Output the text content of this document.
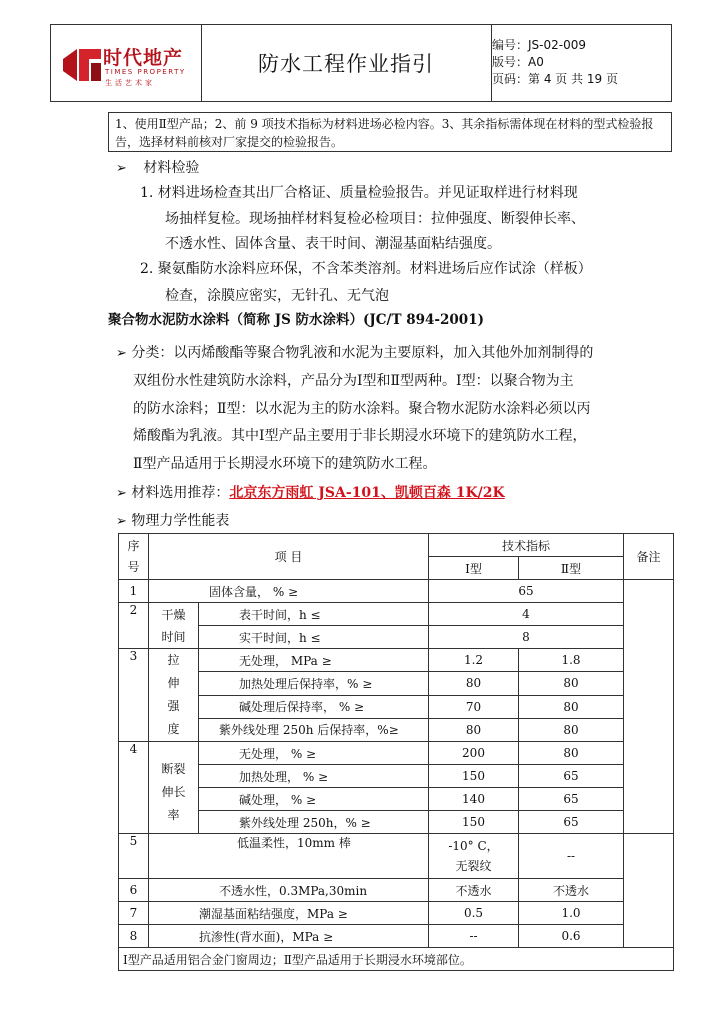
时代地产
TIMES PROPERTY
生活艺术家
防水工程作业指引
编号：JS-02-009
版号：A0
页码：第 4 页 共 19 页
1、使用Ⅱ型产品；2、前 9 项技术指标为材料进场必检内容。3、其余指标需体现在材料的型式检验报告，选择材料前核对厂家提交的检验报告。
➢ 材料检验
1. 材料进场检查其出厂合格证、质量检验报告。并见证取样进行材料现
场抽样复检。现场抽样材料复检必检项目：拉伸强度、断裂伸长率、
不透水性、固体含量、表干时间、潮湿基面粘结强度。
2. 聚氨酯防水涂料应环保，不含苯类溶剂。材料进场后应作试涂（样板）
检查，涂膜应密实，无针孔、无气泡
聚合物水泥防水涂料（简称 JS 防水涂料）(JC/T 894-2001)
➢ 分类：以丙烯酸酯等聚合物乳液和水泥为主要原料，加入其他外加剂制得的
双组份水性建筑防水涂料，产品分为Ⅰ型和Ⅱ型两种。Ⅰ型：以聚合物为主
的防水涂料；Ⅱ型：以水泥为主的防水涂料。聚合物水泥防水涂料必须以丙
烯酸酯为乳液。其中Ⅰ型产品主要用于非长期浸水环境下的建筑防水工程，
Ⅱ型产品适用于长期浸水环境下的建筑防水工程。
➢ 材料选用推荐：北京东方雨虹 JSA-101、凯顿百森 1K/2K
➢ 物理力学性能表
序
号	项 目		技术指标		备注
			Ⅰ型	Ⅱ型	
1	固体含量， % ≥		65		
2	干燥
时间	表干时间，h ≤	4		
		实干时间，h ≤	8		
3	拉
伸
强
度	无处理， MPa ≥	1.2	1.8	
		加热处理后保持率，% ≥	80	80	
		碱处理后保持率， % ≥	70	80	
		紫外线处理 250h 后保持率，%≥	80	80	
4	断裂
伸长
率	无处理， % ≥	200	80	
		加热处理， % ≥	150	65	
		碱处理， % ≥	140	65	
		紫外线处理 250h，% ≥	150	65	
5	低温柔性，10mm 棒		-10° C，
无裂纹	--	
6	不透水性，0.3MPa,30min		不透水	不透水	
7	潮湿基面粘结强度，MPa ≥		0.5	1.0	
8	抗渗性(背水面)，MPa ≥		--	0.6	
Ⅰ型产品适用铝合金门窗周边；Ⅱ型产品适用于长期浸水环境部位。					
